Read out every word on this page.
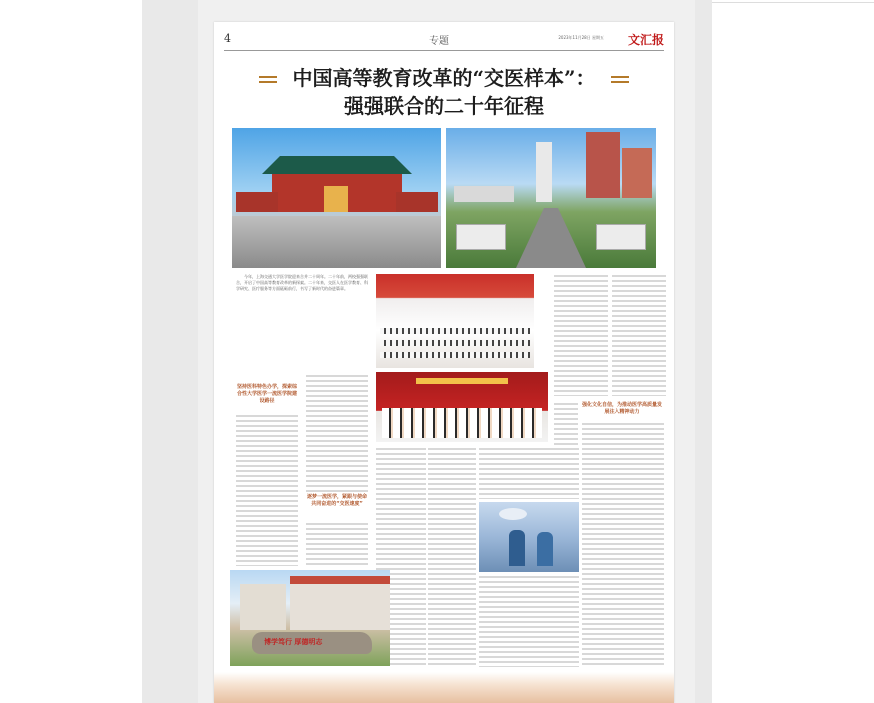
4	专题	2023年11月28日 星期五 文汇报
中国高等教育改革的“交医样本”：
强强联合的二十年征程
今年，上海交通大学医学院迎来合并二十周年。二十年前，两校强强联合，开启了中国高等教育改革的新探索。二十年来，交医人在医学教育、科学研究、医疗服务等方面砥砺前行，书写了新时代的奋进篇章。
坚持医科特色办学，探索综合性大学医学一流医学院建设路径
逐梦一流医学，紧跟与使命共同奋进的“交医速度”
强化文化自信，为推动医学高质量发展注入精神动力
博学笃行 厚德明志
